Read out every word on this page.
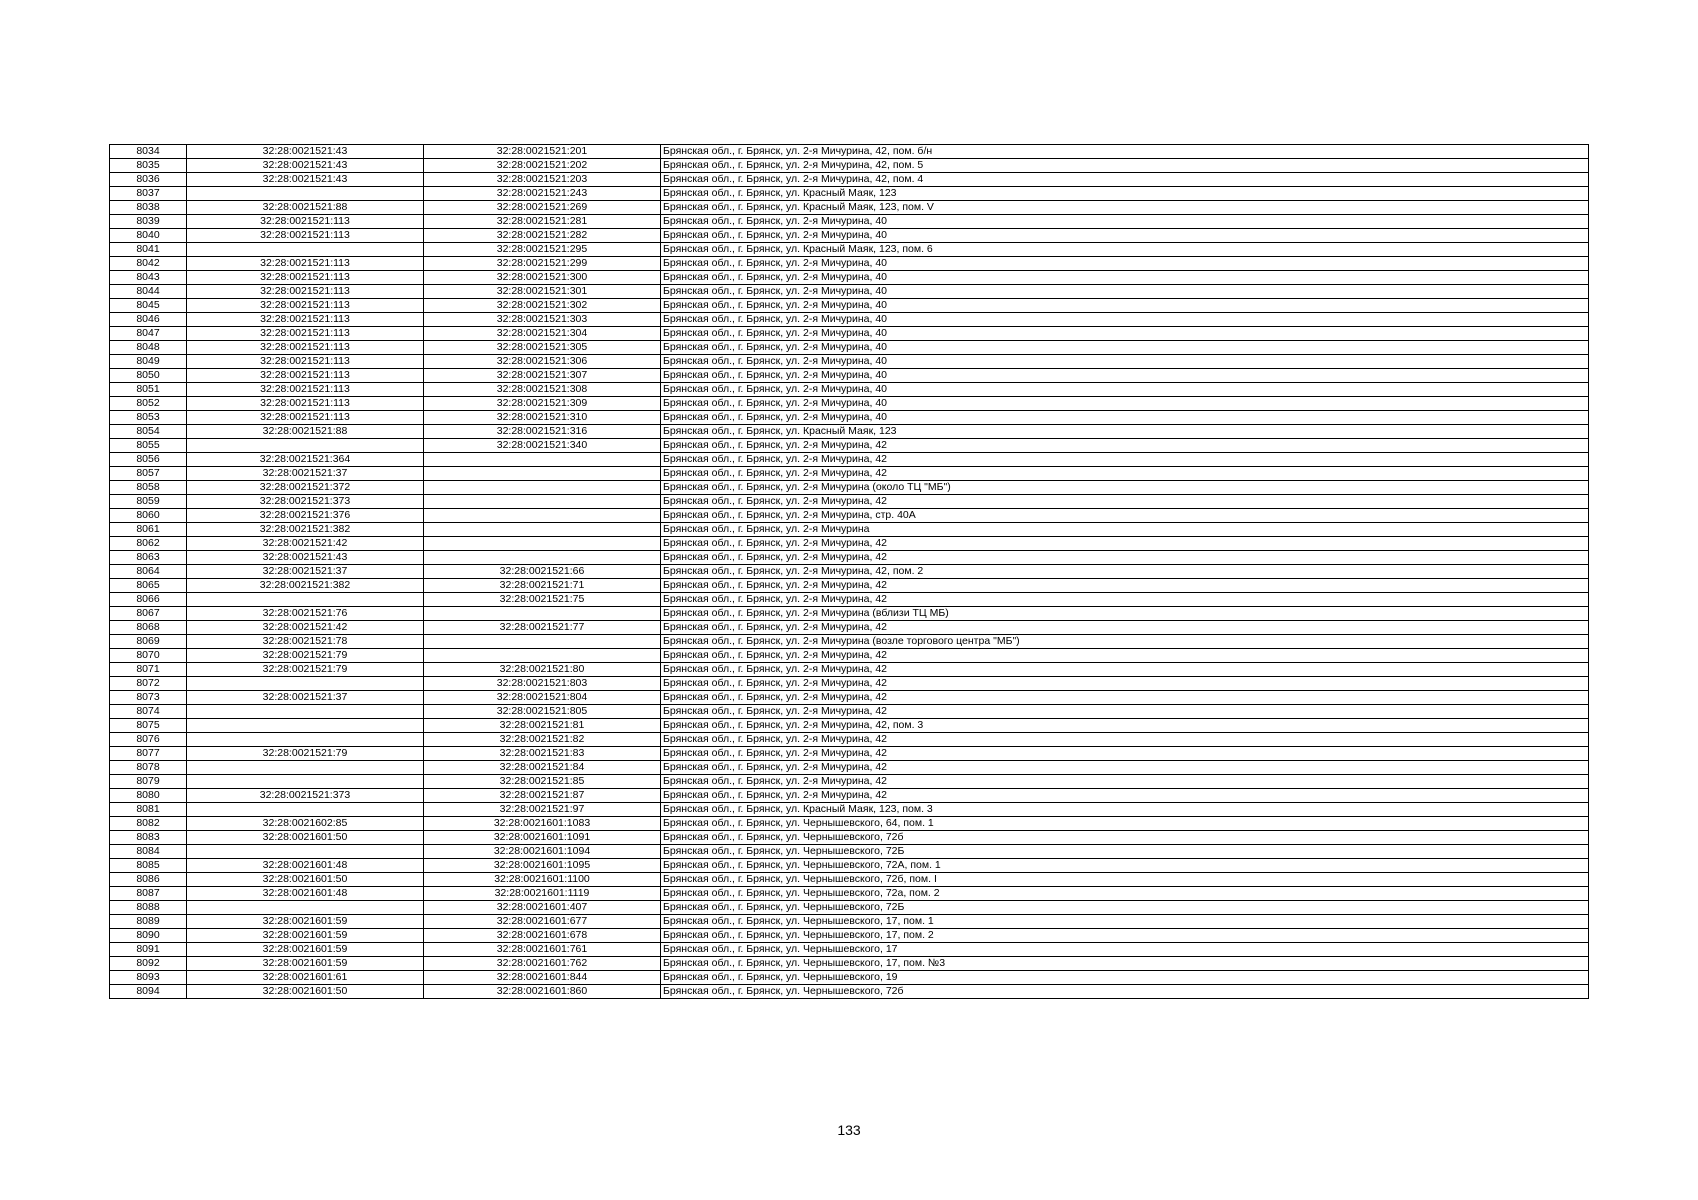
8034	32:28:0021521:43	32:28:0021521:201	Брянская обл., г. Брянск, ул. 2-я Мичурина, 42, пом. б/н
8035	32:28:0021521:43	32:28:0021521:202	Брянская обл., г. Брянск, ул. 2-я Мичурина, 42, пом. 5
8036	32:28:0021521:43	32:28:0021521:203	Брянская обл., г. Брянск, ул. 2-я Мичурина, 42, пом. 4
8037		32:28:0021521:243	Брянская обл., г. Брянск, ул. Красный Маяк, 123
8038	32:28:0021521:88	32:28:0021521:269	Брянская обл., г. Брянск, ул. Красный Маяк, 123, пом. V
8039	32:28:0021521:113	32:28:0021521:281	Брянская обл., г. Брянск, ул. 2-я Мичурина, 40
8040	32:28:0021521:113	32:28:0021521:282	Брянская обл., г. Брянск, ул. 2-я Мичурина, 40
8041		32:28:0021521:295	Брянская обл., г. Брянск, ул. Красный Маяк, 123, пом. 6
8042	32:28:0021521:113	32:28:0021521:299	Брянская обл., г. Брянск, ул. 2-я Мичурина, 40
8043	32:28:0021521:113	32:28:0021521:300	Брянская обл., г. Брянск, ул. 2-я Мичурина, 40
8044	32:28:0021521:113	32:28:0021521:301	Брянская обл., г. Брянск, ул. 2-я Мичурина, 40
8045	32:28:0021521:113	32:28:0021521:302	Брянская обл., г. Брянск, ул. 2-я Мичурина, 40
8046	32:28:0021521:113	32:28:0021521:303	Брянская обл., г. Брянск, ул. 2-я Мичурина, 40
8047	32:28:0021521:113	32:28:0021521:304	Брянская обл., г. Брянск, ул. 2-я Мичурина, 40
8048	32:28:0021521:113	32:28:0021521:305	Брянская обл., г. Брянск, ул. 2-я Мичурина, 40
8049	32:28:0021521:113	32:28:0021521:306	Брянская обл., г. Брянск, ул. 2-я Мичурина, 40
8050	32:28:0021521:113	32:28:0021521:307	Брянская обл., г. Брянск, ул. 2-я Мичурина, 40
8051	32:28:0021521:113	32:28:0021521:308	Брянская обл., г. Брянск, ул. 2-я Мичурина, 40
8052	32:28:0021521:113	32:28:0021521:309	Брянская обл., г. Брянск, ул. 2-я Мичурина, 40
8053	32:28:0021521:113	32:28:0021521:310	Брянская обл., г. Брянск, ул. 2-я Мичурина, 40
8054	32:28:0021521:88	32:28:0021521:316	Брянская обл., г. Брянск, ул. Красный Маяк, 123
8055		32:28:0021521:340	Брянская обл., г. Брянск, ул. 2-я Мичурина, 42
8056	32:28:0021521:364		Брянская обл., г. Брянск, ул. 2-я Мичурина, 42
8057	32:28:0021521:37		Брянская обл., г. Брянск, ул. 2-я Мичурина, 42
8058	32:28:0021521:372		Брянская обл., г. Брянск, ул. 2-я Мичурина (около ТЦ "МБ")
8059	32:28:0021521:373		Брянская обл., г. Брянск, ул. 2-я Мичурина, 42
8060	32:28:0021521:376		Брянская обл., г. Брянск, ул. 2-я Мичурина, стр. 40А
8061	32:28:0021521:382		Брянская обл., г. Брянск, ул. 2-я Мичурина
8062	32:28:0021521:42		Брянская обл., г. Брянск, ул. 2-я Мичурина, 42
8063	32:28:0021521:43		Брянская обл., г. Брянск, ул. 2-я Мичурина, 42
8064	32:28:0021521:37	32:28:0021521:66	Брянская обл., г. Брянск, ул. 2-я Мичурина, 42, пом. 2
8065	32:28:0021521:382	32:28:0021521:71	Брянская обл., г. Брянск, ул. 2-я Мичурина, 42
8066		32:28:0021521:75	Брянская обл., г. Брянск, ул. 2-я Мичурина, 42
8067	32:28:0021521:76		Брянская обл., г. Брянск, ул. 2-я Мичурина (вблизи ТЦ МБ)
8068	32:28:0021521:42	32:28:0021521:77	Брянская обл., г. Брянск, ул. 2-я Мичурина, 42
8069	32:28:0021521:78		Брянская обл., г. Брянск, ул. 2-я Мичурина (возле торгового центра "МБ")
8070	32:28:0021521:79		Брянская обл., г. Брянск, ул. 2-я Мичурина, 42
8071	32:28:0021521:79	32:28:0021521:80	Брянская обл., г. Брянск, ул. 2-я Мичурина, 42
8072		32:28:0021521:803	Брянская обл., г. Брянск, ул. 2-я Мичурина, 42
8073	32:28:0021521:37	32:28:0021521:804	Брянская обл., г. Брянск, ул. 2-я Мичурина, 42
8074		32:28:0021521:805	Брянская обл., г. Брянск, ул. 2-я Мичурина, 42
8075		32:28:0021521:81	Брянская обл., г. Брянск, ул. 2-я Мичурина, 42, пом. 3
8076		32:28:0021521:82	Брянская обл., г. Брянск, ул. 2-я Мичурина, 42
8077	32:28:0021521:79	32:28:0021521:83	Брянская обл., г. Брянск, ул. 2-я Мичурина, 42
8078		32:28:0021521:84	Брянская обл., г. Брянск, ул. 2-я Мичурина, 42
8079		32:28:0021521:85	Брянская обл., г. Брянск, ул. 2-я Мичурина, 42
8080	32:28:0021521:373	32:28:0021521:87	Брянская обл., г. Брянск, ул. 2-я Мичурина, 42
8081		32:28:0021521:97	Брянская обл., г. Брянск, ул. Красный Маяк, 123, пом. 3
8082	32:28:0021602:85	32:28:0021601:1083	Брянская обл., г. Брянск, ул. Чернышевского, 64, пом. 1
8083	32:28:0021601:50	32:28:0021601:1091	Брянская обл., г. Брянск, ул. Чернышевского, 72б
8084		32:28:0021601:1094	Брянская обл., г. Брянск, ул. Чернышевского, 72Б
8085	32:28:0021601:48	32:28:0021601:1095	Брянская обл., г. Брянск, ул. Чернышевского, 72А, пом. 1
8086	32:28:0021601:50	32:28:0021601:1100	Брянская обл., г. Брянск, ул. Чернышевского, 72б, пом. I
8087	32:28:0021601:48	32:28:0021601:1119	Брянская обл., г. Брянск, ул. Чернышевского, 72а, пом. 2
8088		32:28:0021601:407	Брянская обл., г. Брянск, ул. Чернышевского, 72Б
8089	32:28:0021601:59	32:28:0021601:677	Брянская обл., г. Брянск, ул. Чернышевского, 17, пом. 1
8090	32:28:0021601:59	32:28:0021601:678	Брянская обл., г. Брянск, ул. Чернышевского, 17, пом. 2
8091	32:28:0021601:59	32:28:0021601:761	Брянская обл., г. Брянск, ул. Чернышевского, 17
8092	32:28:0021601:59	32:28:0021601:762	Брянская обл., г. Брянск, ул. Чернышевского, 17, пом. №3
8093	32:28:0021601:61	32:28:0021601:844	Брянская обл., г. Брянск, ул. Чернышевского, 19
8094	32:28:0021601:50	32:28:0021601:860	Брянская обл., г. Брянск, ул. Чернышевского, 72б
133
